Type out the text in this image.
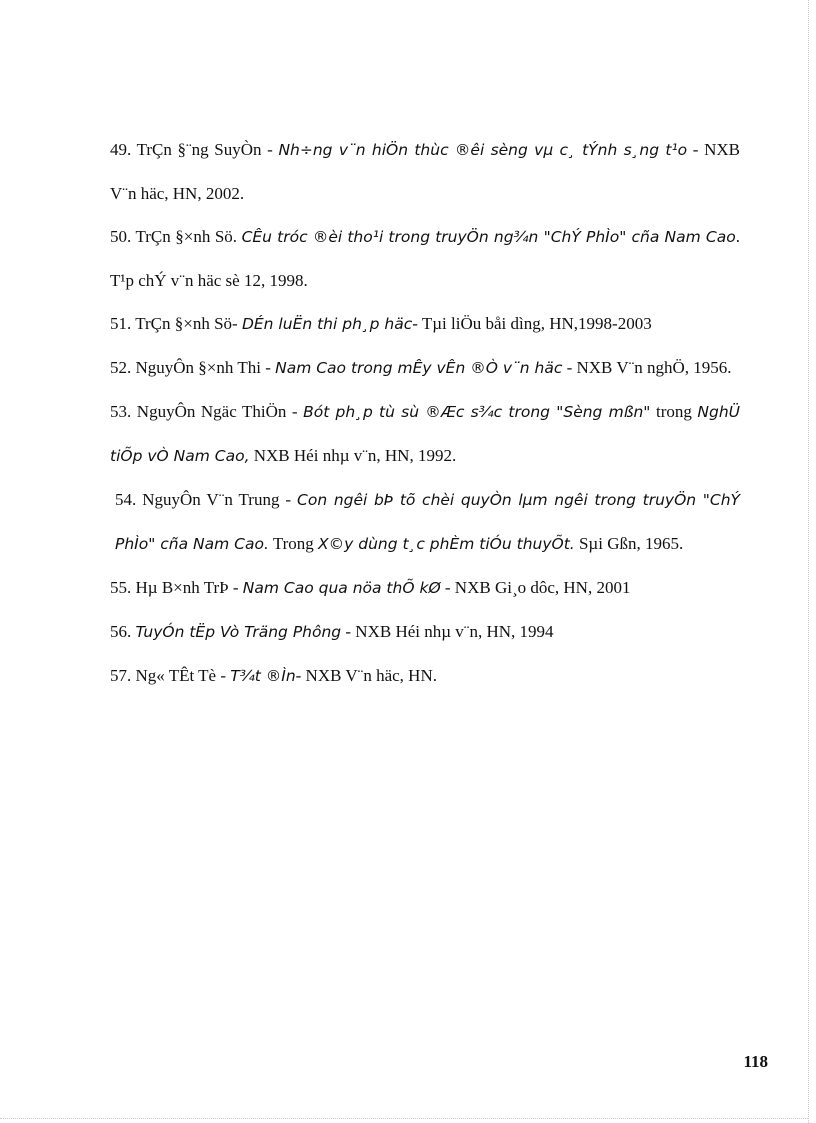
49. TrÇn §¨ng SuyÒn - Nh÷ng v¨n hiÖn thùc ®êi sèng vµ c¸ tÝnh s¸ng t¹o - NXB V¨n häc, HN, 2002.

50. TrÇn §×nh Sö. CÊu tróc ®èi tho¹i trong truyÖn ng¾n "ChÝ PhÌo" cña Nam Cao. T¹p chÝ v¨n häc sè 12, 1998.

51. TrÇn §×nh Sö- DÉn luËn thi ph¸p häc- Tµi liÖu båi dìng, HN,1998-2003

52. NguyÔn §×nh Thi - Nam Cao trong mÊy vÊn ®Ò v¨n häc - NXB V¨n nghÖ, 1956.

53. NguyÔn Ngäc ThiÖn - Bót ph¸p tù sù ®Æc s¾c trong "Sèng mßn" trong NghÜ tiÕp vÒ Nam Cao, NXB Héi nhµ v¨n, HN, 1992.

54. NguyÔn V¨n Trung - Con ngêi bÞ tõ chèi quyÒn lµm ngêi trong truyÖn "ChÝ PhÌo" cña Nam Cao. Trong X©y dùng t¸c phÈm tiÓu thuyÕt. Sµi Gßn, 1965.

55. Hµ B×nh TrÞ - Nam Cao qua nöa thÕ kØ - NXB Gi¸o dôc, HN, 2001

56. TuyÓn tËp Vò Träng Phông - NXB Héi nhµ v¨n, HN, 1994

57. Ng« TÊt Tè - T¾t ®Ìn- NXB V¨n häc, HN.

118
